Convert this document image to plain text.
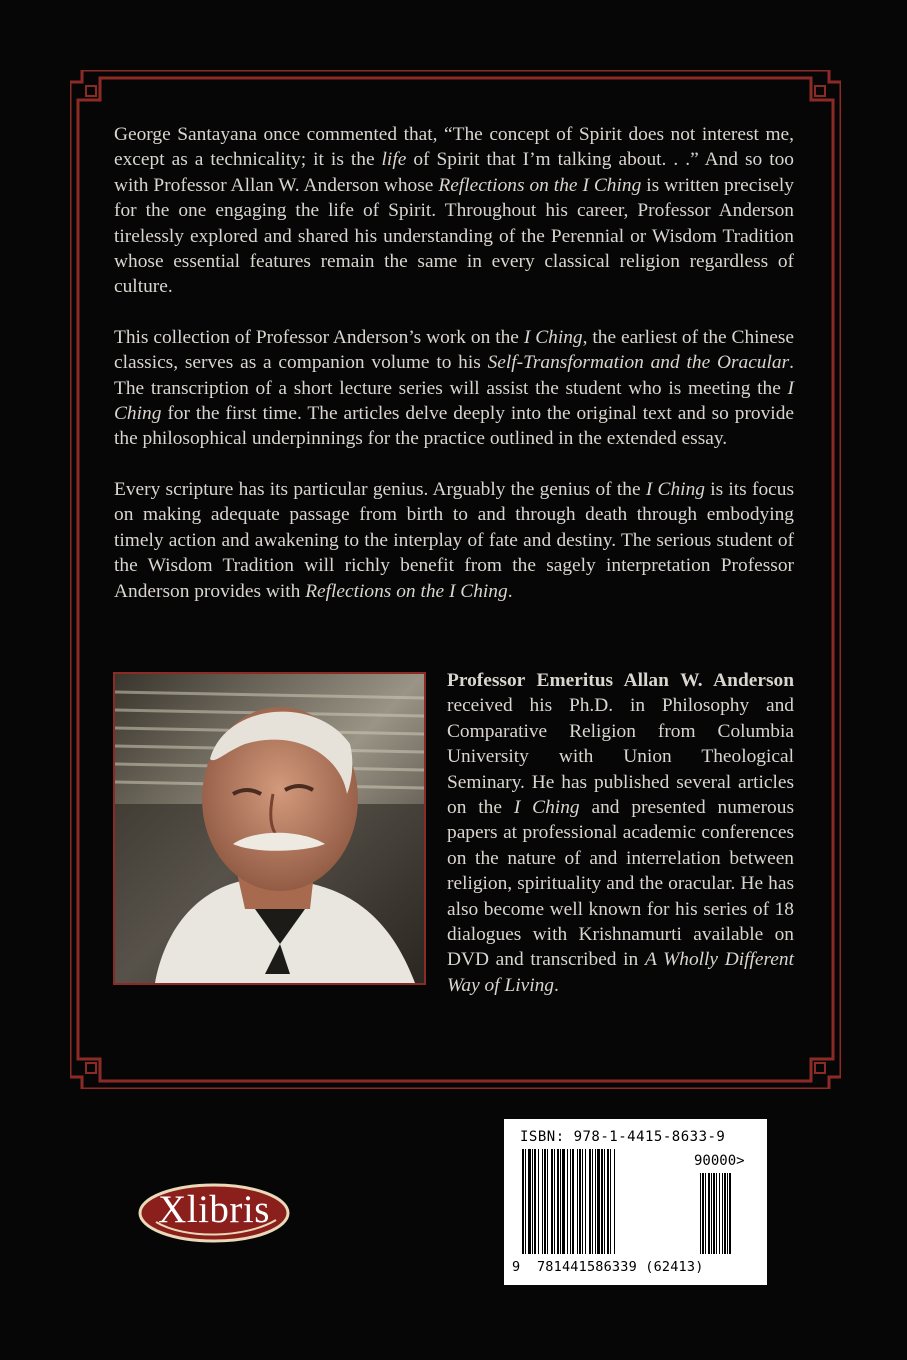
George Santayana once commented that, “The concept of Spirit does not interest me, except as a technicality; it is the life of Spirit that I’m talking about. . .” And so too with Professor Allan W. Anderson whose Reflections on the I Ching is written precisely for the one engaging the life of Spirit. Throughout his career, Professor Anderson tirelessly explored and shared his understanding of the Perennial or Wisdom Tradition whose essential features remain the same in every classical religion regardless of culture.

This collection of Professor Anderson’s work on the I Ching, the earliest of the Chinese classics, serves as a companion volume to his Self-Transformation and the Oracular. The transcription of a short lecture series will assist the student who is meeting the I Ching for the first time. The articles delve deeply into the original text and so provide the philosophical underpinnings for the practice outlined in the extended essay.

Every scripture has its particular genius. Arguably the genius of the I Ching is its focus on making adequate passage from birth to and through death through embodying timely action and awakening to the interplay of fate and destiny. The serious student of the Wisdom Tradition will richly benefit from the sagely interpretation Professor Anderson provides with Reflections on the I Ching.

Professor Emeritus Allan W. Anderson received his Ph.D. in Philosophy and Comparative Religion from Columbia University with Union Theological Seminary. He has published several articles on the I Ching and presented numerous papers at professional academic conferences on the nature of and interrelation between religion, spirituality and the oracular. He has also become well known for his series of 18 dialogues with Krishnamurti available on DVD and transcribed in A Wholly Different Way of Living.
Xlibris
ISBN: 978-1-4415-8633-9
90000>
9 781441586339 (62413)
